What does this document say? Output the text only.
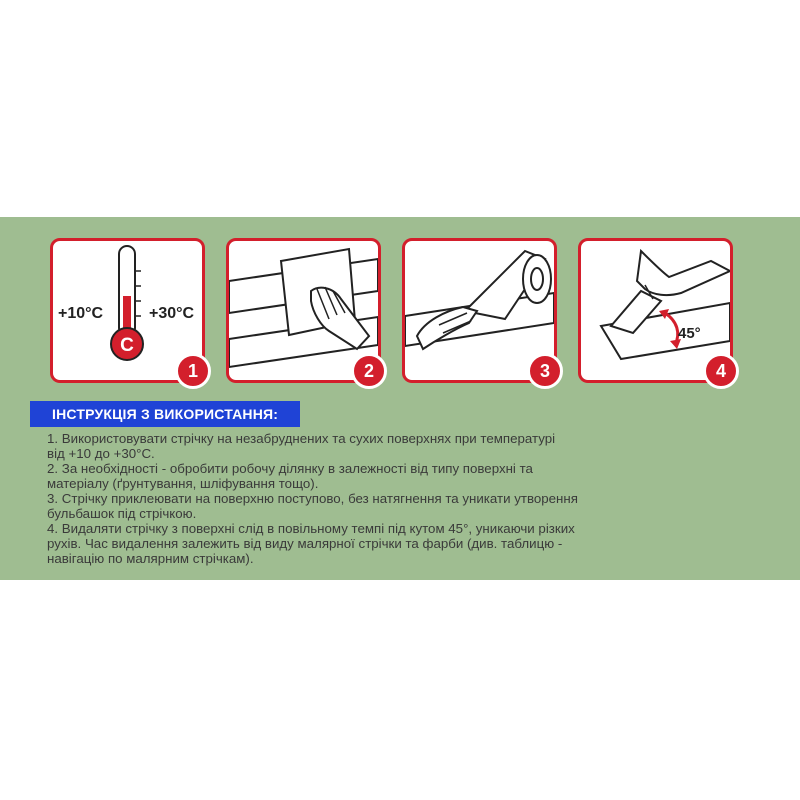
C
+10°C	+30°C
1	2	3
45°
4
ІНСТРУКЦІЯ З ВИКОРИСТАННЯ:
1. Використовувати стрічку на незабруднених та сухих поверхнях при температурі
від +10 до +30°С.
2. За необхідності - обробити робочу ділянку в залежності від типу поверхні та
матеріалу (ґрунтування, шліфування тощо).
3. Стрічку приклеювати на поверхню поступово, без натягнення та уникати утворення
бульбашок під стрічкою.
4. Видаляти стрічку з поверхні слід в повільному темпі під кутом 45°, уникаючи різких
рухів. Час видалення залежить від виду малярної стрічки та фарби (див. таблицю -
навігацію по малярним стрічкам).
